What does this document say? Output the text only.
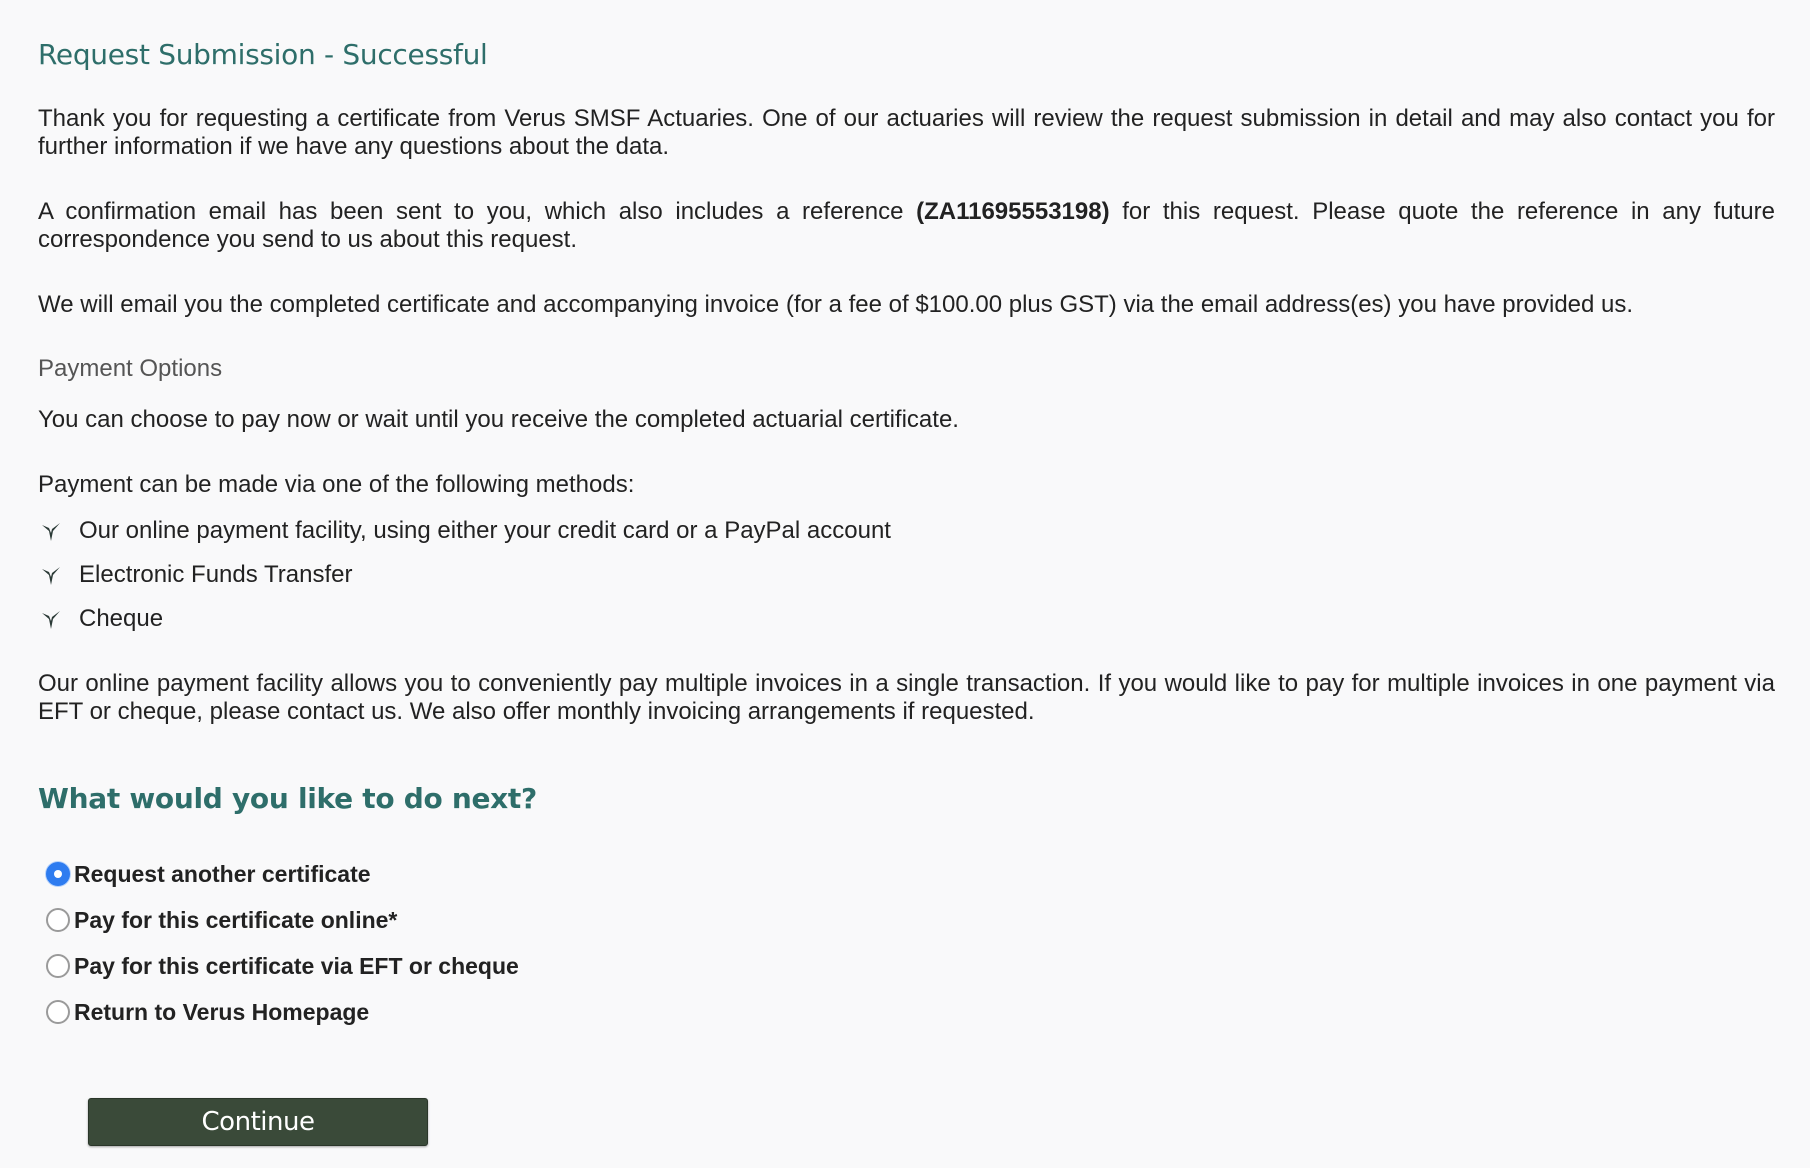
Request Submission - Successful

Thank you for requesting a certificate from Verus SMSF Actuaries. One of our actuaries will review the request submission in detail and may also contact you for further information if we have any questions about the data.

A confirmation email has been sent to you, which also includes a reference (ZA11695553198) for this request. Please quote the reference in any future correspondence you send to us about this request.

We will email you the completed certificate and accompanying invoice (for a fee of $100.00 plus GST) via the email address(es) you have provided us.

Payment Options

You can choose to pay now or wait until you receive the completed actuarial certificate.

Payment can be made via one of the following methods:

Our online payment facility, using either your credit card or a PayPal account
Electronic Funds Transfer
Cheque

Our online payment facility allows you to conveniently pay multiple invoices in a single transaction. If you would like to pay for multiple invoices in one payment via EFT or cheque, please contact us. We also offer monthly invoicing arrangements if requested.

What would you like to do next?
Request another certificate
Pay for this certificate online*
Pay for this certificate via EFT or cheque
Return to Verus Homepage
Continue
